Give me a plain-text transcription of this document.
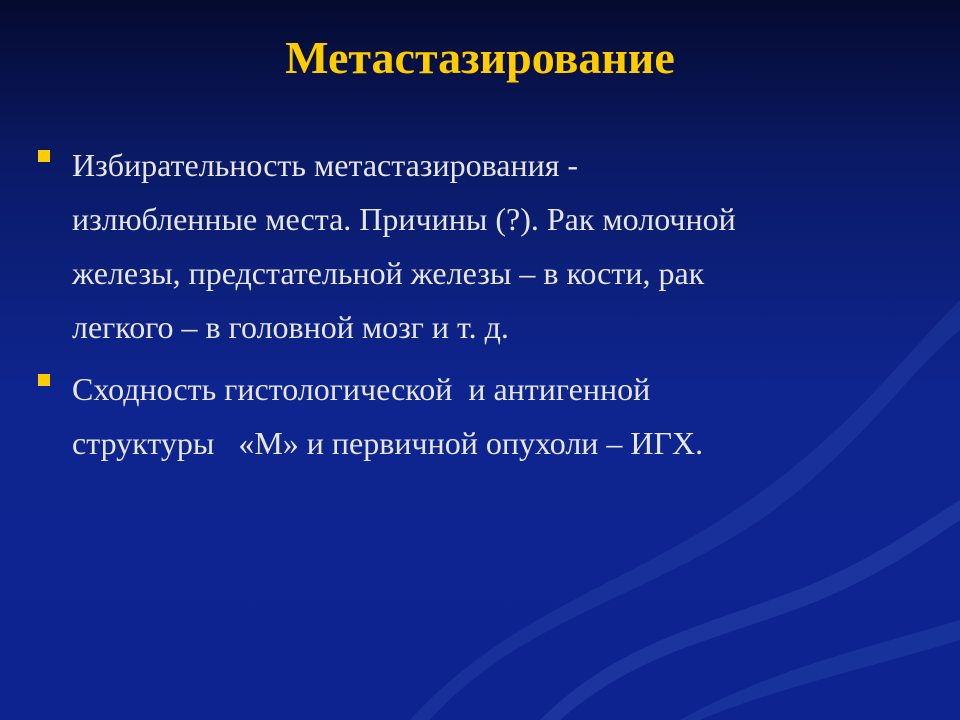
Метастазирование
Избирательность метастазирования -
излюбленные места. Причины (?). Рак молочной
железы, предстательной железы – в кости, рак
легкого – в головной мозг и т. д.
Сходность гистологической  и антигенной
структуры   «М» и первичной опухоли – ИГХ.
